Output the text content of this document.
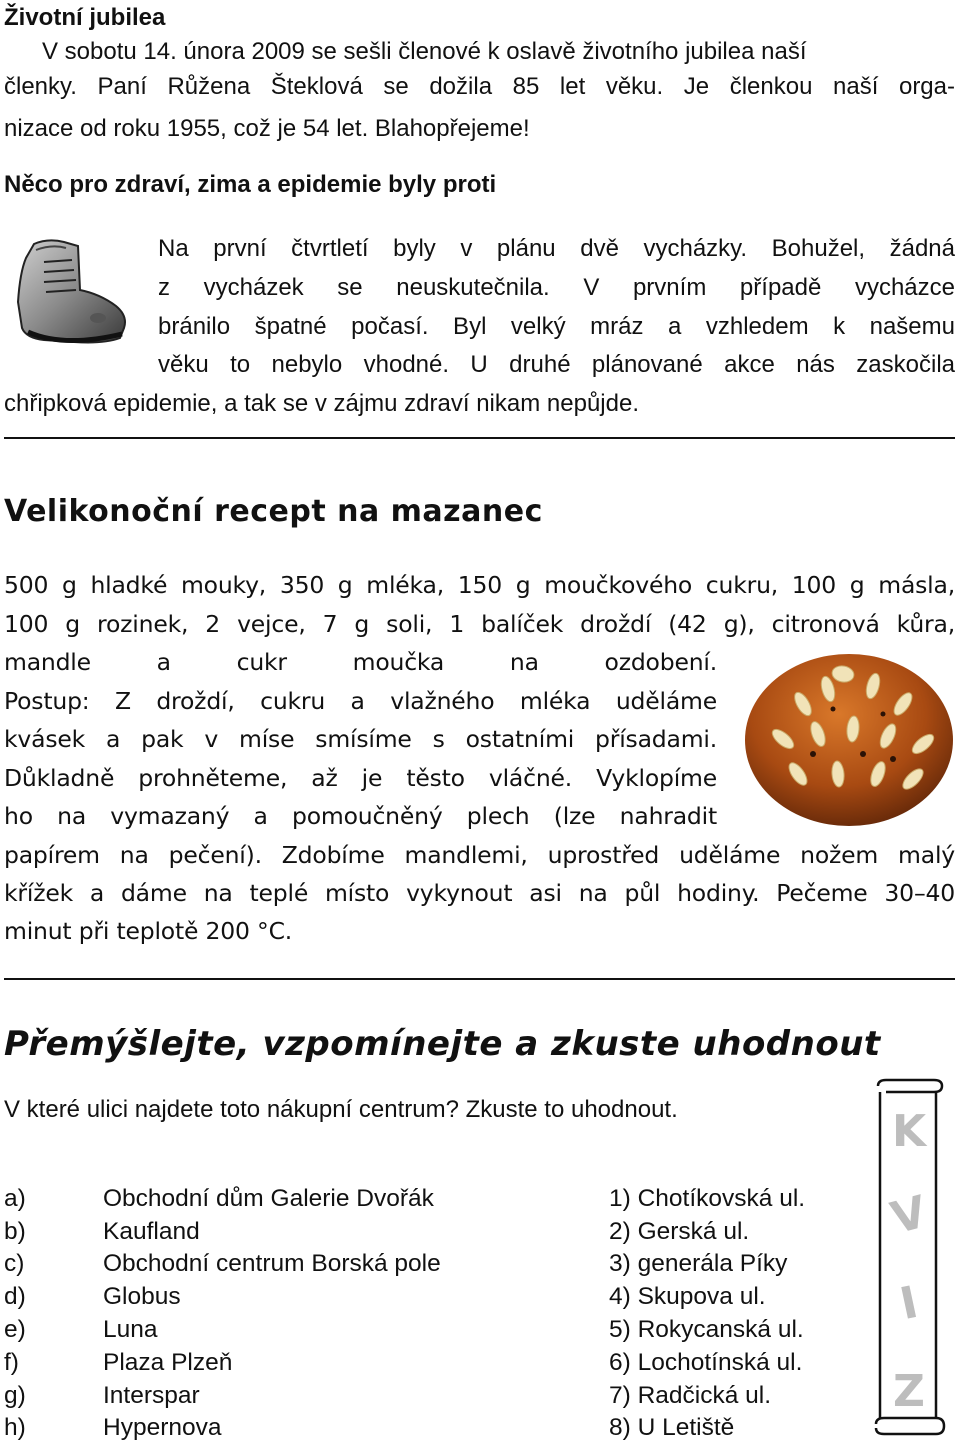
Životní jubilea
V sobotu 14. února 2009 se sešli členové k oslavě životního jubilea naší
členky. Paní Růžena Šteklová se dožila 85 let věku. Je členkou naší orga-
nizace od roku 1955, což je 54 let. Blahopřejeme!
Něco pro zdraví, zima a epidemie byly proti
Na první čtvrtletí byly v plánu dvě vycházky. Bohužel, žádná
z vycházek se neuskutečnila. V prvním případě vycházce
bránilo špatné počasí. Byl velký mráz a vzhledem k našemu
věku to nebylo vhodné. U druhé plánované akce nás zaskočila
chřipková epidemie, a tak se v zájmu zdraví nikam nepůjde.
Velikonoční recept na mazanec
500 g hladké mouky, 350 g mléka, 150 g moučkového cukru, 100 g másla,
100 g rozinek, 2 vejce, 7 g soli, 1 balíček droždí (42 g), citronová kůra,
mandle a cukr moučka na ozdobení.
Postup: Z droždí, cukru a vlažného mléka uděláme
kvásek a pak v míse smísíme s ostatními přísadami.
Důkladně prohněteme, až je těsto vláčné. Vyklopíme
ho na vymazaný a pomoučněný plech (lze nahradit
papírem na pečení). Zdobíme mandlemi, uprostřed uděláme nožem malý
křížek a dáme na teplé místo vykynout asi na půl hodiny. Pečeme 30–40
minut při teplotě 200 °C.
Přemýšlejte, vzpomínejte a zkuste uhodnout
V které ulici najdete toto nákupní centrum? Zkuste to uhodnout.	K
V
I
Z
a)	Obchodní dům Galerie Dvořák	1) Chotíkovská ul.
b)	Kaufland	2) Gerská ul.
c)	Obchodní centrum Borská pole	3) generála Píky
d)	Globus	4) Skupova ul.
e)	Luna	5) Rokycanská ul.
f)	Plaza Plzeň	6) Lochotínská ul.
g)	Interspar	7) Radčická ul.
h)	Hypernova	8) U Letiště
